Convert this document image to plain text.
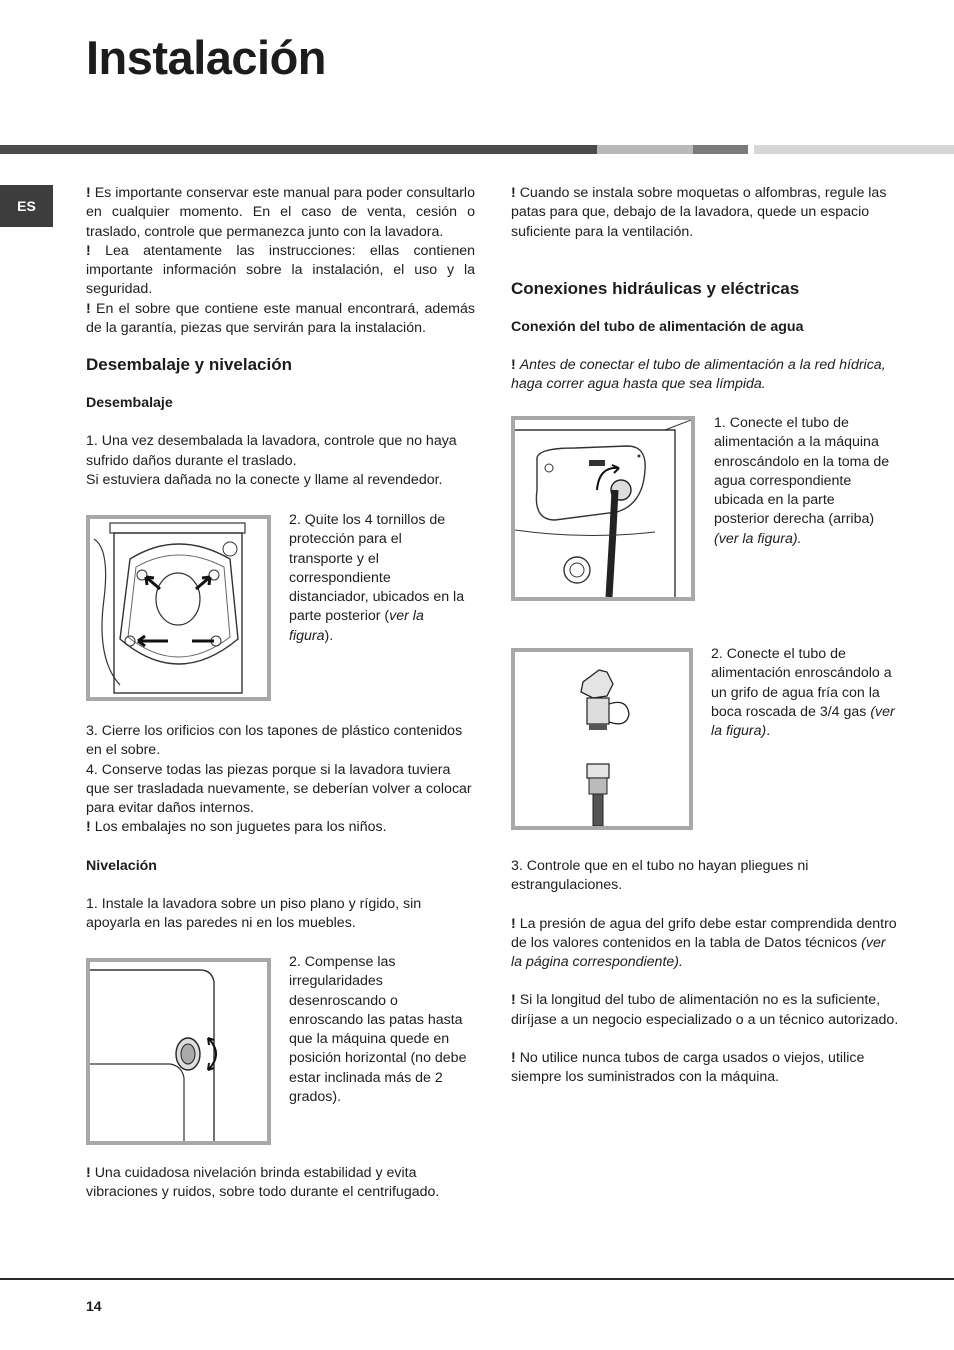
Instalación
ES

! Es importante conservar este manual para poder consultarlo en cualquier momento. En el caso de venta, cesión o traslado, controle que permanezca junto con la lavadora.

! Lea atentamente las instrucciones: ellas contienen importante información sobre la instalación, el uso y la seguridad.

! En el sobre que contiene este manual encontrará, además de la garantía, piezas que servirán para la instalación.

Desembalaje y nivelación
Desembalaje

1. Una vez desembalada la lavadora, controle que no haya sufrido daños durante el traslado.

Si estuviera dañada no la conecte y llame al revendedor.

2. Quite los 4 tornillos de protección para el transporte y el correspondiente distanciador, ubicados en la parte posterior (ver la figura).

3. Cierre los orificios con los tapones de plástico contenidos en el sobre.

4. Conserve todas las piezas porque si la lavadora tuviera que ser trasladada nuevamente, se deberían volver a colocar para evitar daños internos.

! Los embalajes no son juguetes para los niños.

Nivelación

1. Instale la lavadora sobre un piso plano y rígido, sin apoyarla en las paredes ni en los muebles.

2. Compense las irregularidades desenroscando o enroscando las patas hasta que la máquina quede en posición horizontal (no debe estar inclinada más de 2 grados).

! Una cuidadosa nivelación brinda estabilidad y evita vibraciones y ruidos, sobre todo durante el centrifugado.

! Cuando se instala sobre moquetas o alfombras, regule las patas para que, debajo de la lavadora, quede un espacio suficiente para la ventilación.

Conexiones hidráulicas y eléctricas
Conexión del tubo de alimentación de agua

! Antes de conectar el tubo de alimentación a la red hídrica, haga correr agua hasta que sea límpida.

1. Conecte el tubo de alimentación a la máquina enroscándolo en la toma de agua correspondiente ubicada en la parte posterior derecha (arriba) (ver la figura).

2. Conecte el tubo de alimentación enroscándolo a un grifo de agua fría con la boca roscada de 3/4 gas (ver la figura).

3. Controle que en el tubo no hayan pliegues ni estrangulaciones.

! La presión de agua del grifo debe estar comprendida dentro de los valores contenidos en la tabla de Datos técnicos (ver la página correspondiente).

! Si la longitud del tubo de alimentación no es la suficiente, diríjase a un negocio especializado o a un técnico autorizado.

! No utilice nunca tubos de carga usados o viejos, utilice siempre los suministrados con la máquina.

14
